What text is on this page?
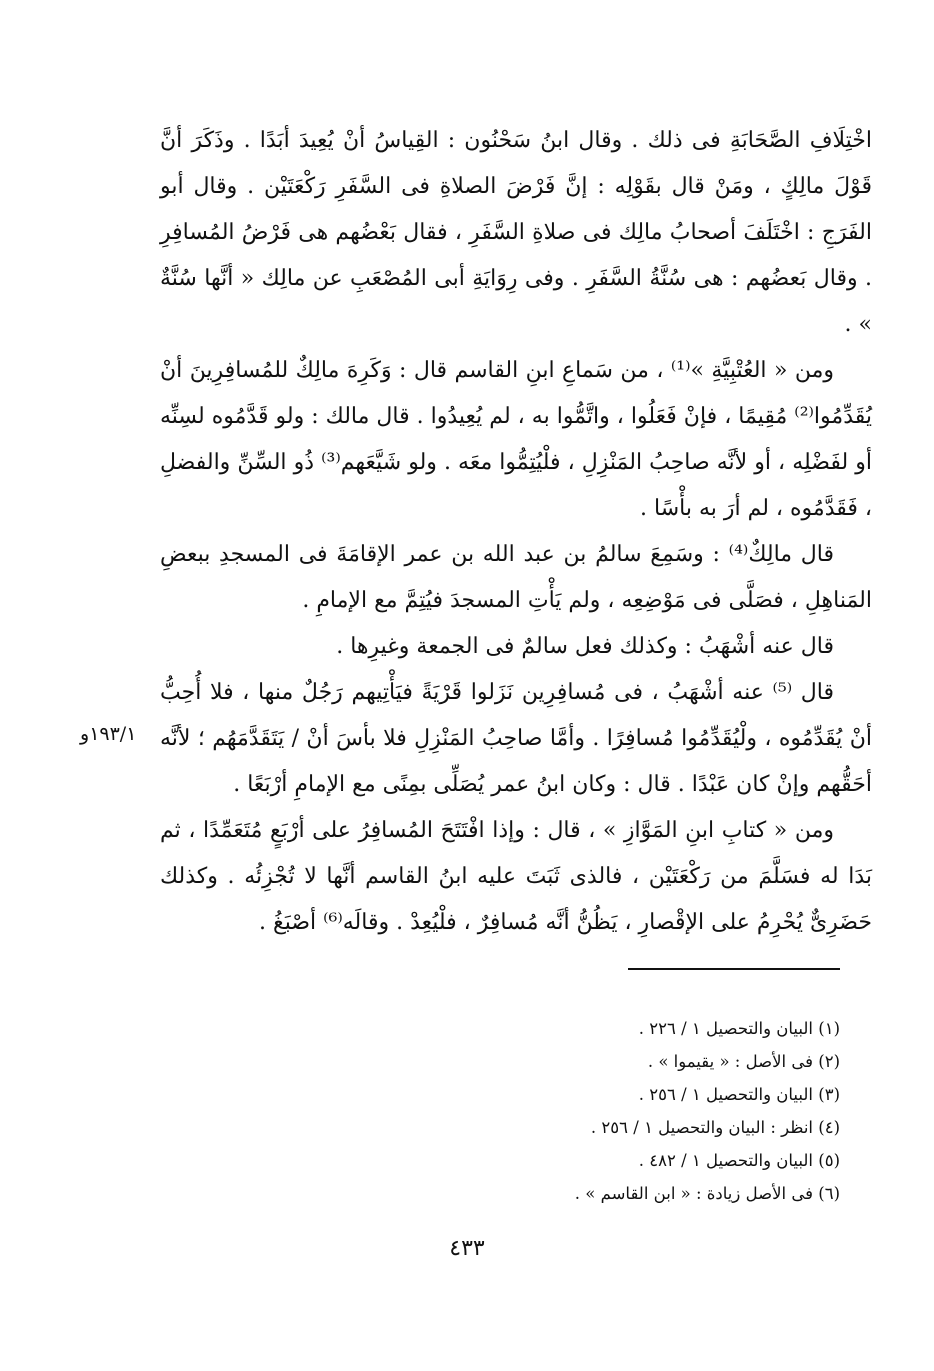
اخْتِلَافِ الصَّحَابَةِ فى ذلك . وقال ابنُ سَحْنُون : القِياسُ أنْ يُعِيدَ أبَدًا . وذَكَرَ أنَّ قَوْلَ مالِكٍ ، ومَنْ قال بقَوْلِه : إنَّ فَرْضَ الصلاةِ فى السَّفَرِ رَكْعَتَيْن . وقال أبو الفَرَجِ : اخْتَلَفَ أصحابُ مالِك فى صلاةِ السَّفَرِ ، فقال بَعْضُهم هى فَرْضُ المُسافِرِ . وقال بَعضُهم : هى سُنَّةُ السَّفَرِ . وفى رِوَايَةِ أبى المُصْعَبِ عن مالِك « أنَّها سُنَّةٌ » .

ومن « العُتْبِيَّةِ »⁽¹⁾ ، من سَماعِ ابنِ القاسم قال : وَكَرِهَ مالِكٌ للمُسافِرِينَ أنْ يُقَدِّمُوا⁽²⁾ مُقِيمًا ، فإنْ فَعَلُوا ، واتَّمُّوا به ، لم يُعِيدُوا . قال مالك : ولو قَدَّمُوه لسِنِّه أو لفَضْلِه ، أو لأنَّه صاحِبُ المَنْزِلِ ، فلْيُتِمُّوا معَه . ولو شَيَّعَهم⁽³⁾ ذُو السِّنِّ والفضلِ ، فَقَدَّمُوه ، لم أرَ به بأْسًا .

قال مالِكٌ⁽⁴⁾ : وسَمِعَ سالمُ بن عبد الله بن عمر الإقامَةَ فى المسجدِ ببعضِ المَناهِلِ ، فصَلَّى فى مَوْضِعِه ، ولم يَأْتِ المسجدَ فيُتِمَّ مع الإمامِ .

قال عنه أشْهَبُ : وكذلك فعل سالمٌ فى الجمعة وغيرِها .

قال ⁽⁵⁾ عنه أشْهَبُ ، فى مُسافِرِين نَزَلوا قَرْيَةً فيَأْتِيهم رَجُلٌ منها ، فلا أُحِبُّ أنْ يُقَدِّمُوه ، ولْيُقَدِّمُوا مُسافِرًا . وأمَّا صاحِبُ المَنْزِلِ فلا بأسَ أنْ / يَتَقَدَّمَهُم ؛ لأنَّه أحَقُّهم وإنْ كان عَبْدًا . قال : وكان ابنُ عمر يُصَلِّى بمِنًى مع الإمامِ أرْبَعًا .

ومن « كتابِ ابنِ المَوَّازِ » ، قال : وإذا افْتَتَحَ المُسافِرُ على أرْبَعٍ مُتَعَمِّدًا ، ثم بَدَا له فسَلَّمَ من رَكْعَتَيْن ، فالذى ثَبَتَ عليه ابنُ القاسم أنَّها لا تُجْزِئُه . وكذلك حَضَرِىٌّ يُحْرِمُ على الإقْصارِ ، يَظُنُّ أنَّه مُسافِرٌ ، فلْيُعِدْ . وقالَه⁽⁶⁾ أصْبَغُ .

١٩٣/١و

(١) البيان والتحصيل ١ / ٢٢٦ .

(٢) فى الأصل : « يقيموا » .

(٣) البيان والتحصيل ١ / ٢٥٦ .

(٤) انظر : البيان والتحصيل ١ / ٢٥٦ .

(٥) البيان والتحصيل ١ / ٤٨٢ .

(٦) فى الأصل زيادة : « ابن القاسم » .

٤٣٣
